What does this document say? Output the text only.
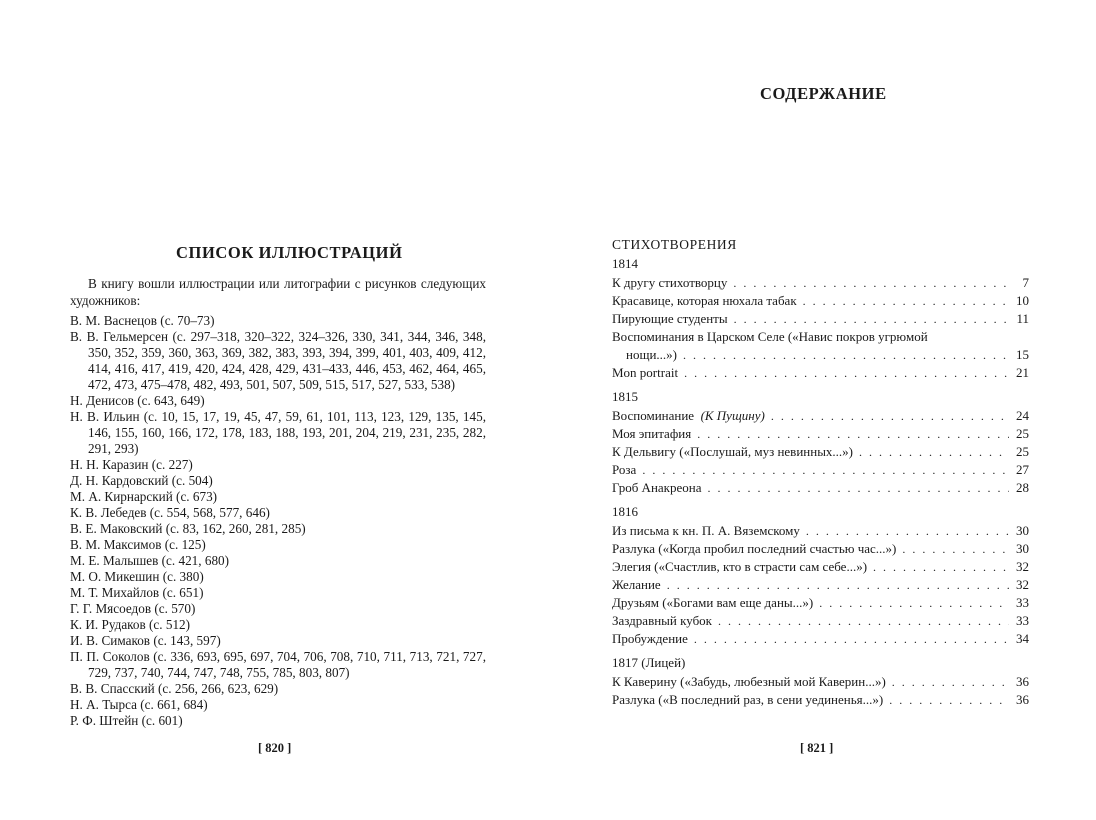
СПИСОК ИЛЛЮСТРАЦИЙ
В книгу вошли иллюстрации или литографии с рисунков следующих художников:
В. М. Васнецов (с. 70–73)
В. В. Гельмерсен (с. 297–318, 320–322, 324–326, 330, 341, 344, 346, 348, 350, 352, 359, 360, 363, 369, 382, 383, 393, 394, 399, 401, 403, 409, 412, 414, 416, 417, 419, 420, 424, 428, 429, 431–433, 446, 453, 462, 464, 465, 472, 473, 475–478, 482, 493, 501, 507, 509, 515, 517, 527, 533, 538)
Н. Денисов (с. 643, 649)
Н. В. Ильин (с. 10, 15, 17, 19, 45, 47, 59, 61, 101, 113, 123, 129, 135, 145, 146, 155, 160, 166, 172, 178, 183, 188, 193, 201, 204, 219, 231, 235, 282, 291, 293)
Н. Н. Каразин (с. 227)
Д. Н. Кардовский (с. 504)
М. А. Кирнарский (с. 673)
К. В. Лебедев (с. 554, 568, 577, 646)
В. Е. Маковский (с. 83, 162, 260, 281, 285)
В. М. Максимов (с. 125)
М. Е. Малышев (с. 421, 680)
М. О. Микешин (с. 380)
М. Т. Михайлов (с. 651)
Г. Г. Мясоедов (с. 570)
К. И. Рудаков (с. 512)
И. В. Симаков (с. 143, 597)
П. П. Соколов (с. 336, 693, 695, 697, 704, 706, 708, 710, 711, 713, 721, 727, 729, 737, 740, 744, 747, 748, 755, 785, 803, 807)
В. В. Спасский (с. 256, 266, 623, 629)
Н. А. Тырса (с. 661, 684)
Р. Ф. Штейн (с. 601)
[ 820 ]
СОДЕРЖАНИЕ
СТИХОТВОРЕНИЯ
1814
К другу стихотворцу . . .	7
Красавице, которая нюхала табак . . .	10
Пирующие студенты . . .	11
Воспоминания в Царском Селе («Навис покров угрюмой
нощи...») . . .	15
Mon portrait . . .	21
1815
Воспоминание  (К Пущину) . . .	24
Моя эпитафия . . .	25
К Дельвигу («Послушай, муз невинных...») . . .	25
Роза . . .	27
Гроб Анакреона . . .	28
1816
Из письма к кн. П. А. Вяземскому . . .	30
Разлука («Когда пробил последний счастью час...») . . .	30
Элегия («Счастлив, кто в страсти сам себе...») . . .	32
Желание . . .	32
Друзьям («Богами вам еще даны...») . . .	33
Заздравный кубок . . .	33
Пробуждение . . .	34
1817 (Лицей)
К Каверину («Забудь, любезный мой Каверин...») . . .	36
Разлука («В последний раз, в сени уединенья...») . . .	36
[ 821 ]
